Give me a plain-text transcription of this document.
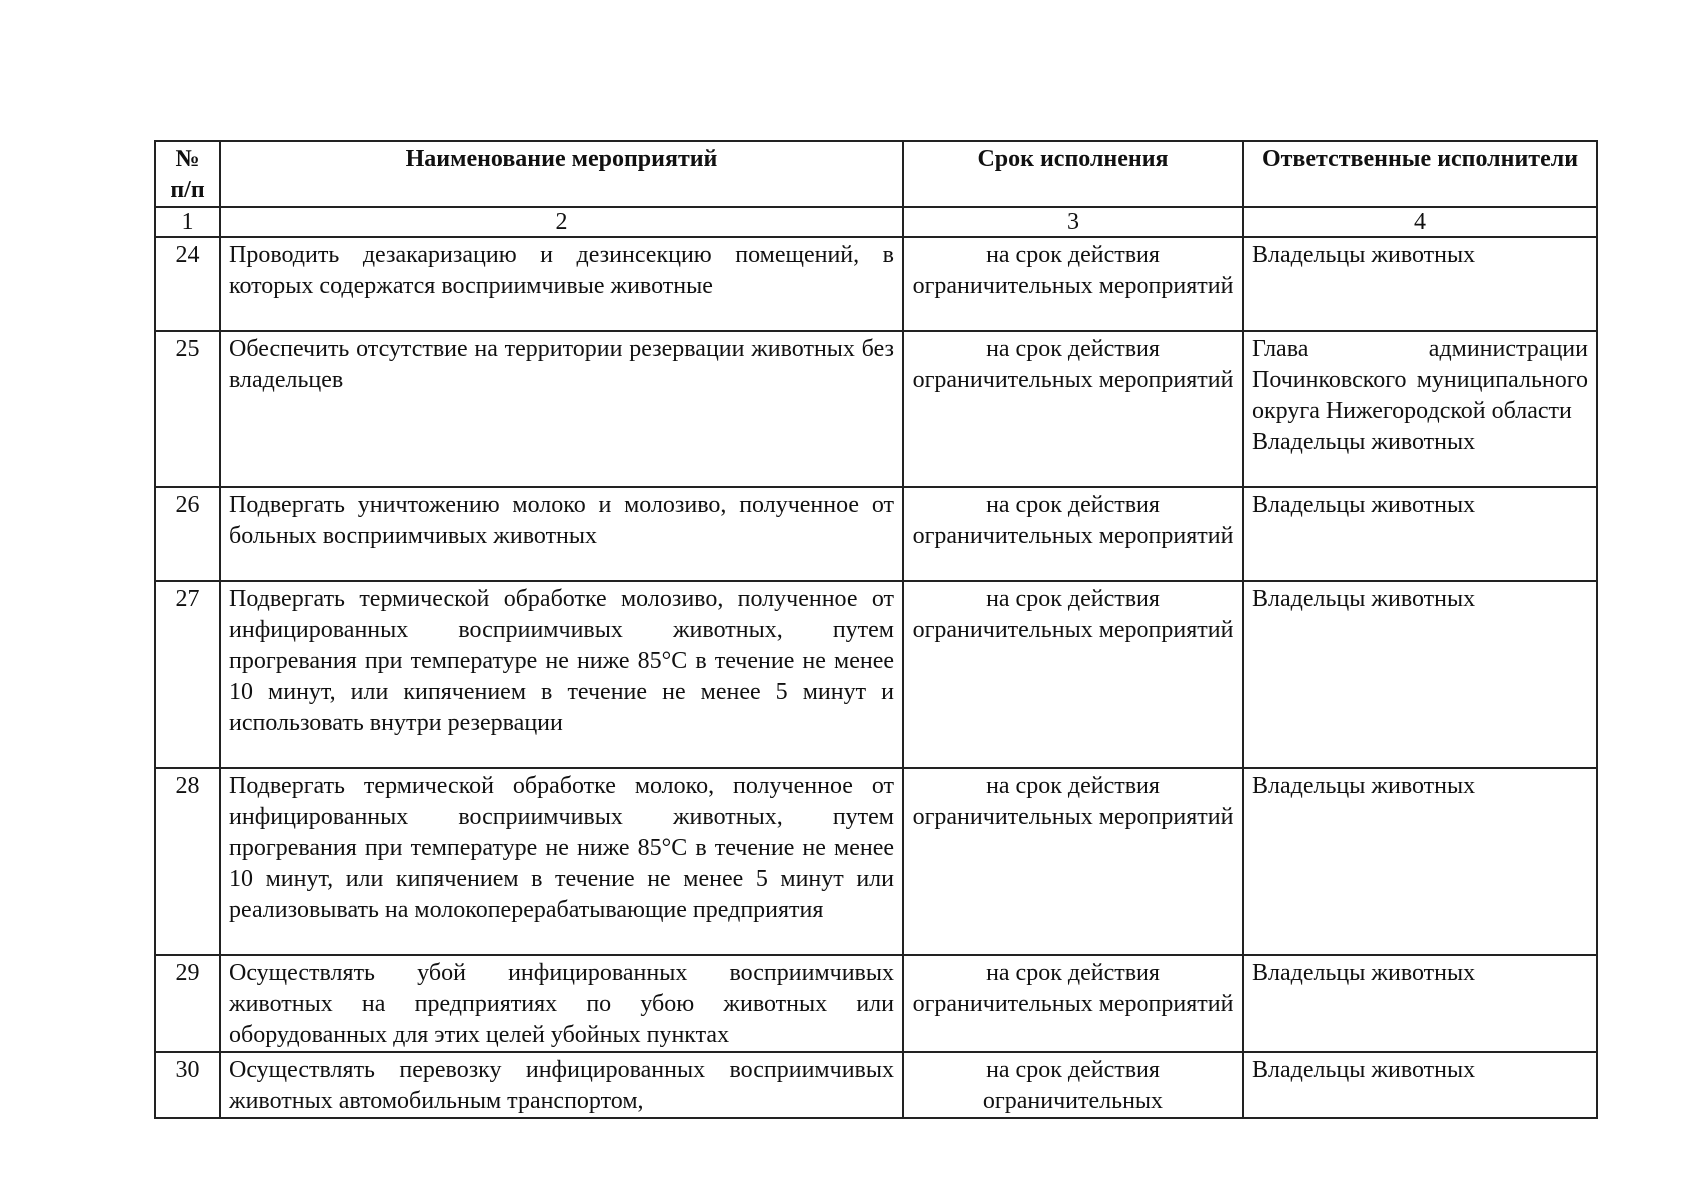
№ п/п	Наименование мероприятий	Срок исполнения	Ответственные исполнители
1	2	3	4
24	Проводить дезакаризацию и дезинсекцию помещений, в которых содержатся восприимчивые животные	на срок действия ограничительных мероприятий	Владельцы животных

25	Обеспечить отсутствие на территории резервации животных без владельцев	на срок действия ограничительных мероприятий	Глава администрации Починковского муниципального округа Нижегородской области
Владельцы животных

26	Подвергать уничтожению молоко и молозиво, полученное от больных восприимчивых животных	на срок действия ограничительных мероприятий	Владельцы животных

27	Подвергать термической обработке молозиво, полученное от инфицированных восприимчивых животных, путем прогревания при температуре не ниже 85°С в течение не менее 10 минут, или кипячением в течение не менее 5 минут и использовать внутри резервации	на срок действия ограничительных мероприятий	Владельцы животных

28	Подвергать термической обработке молоко, полученное от инфицированных восприимчивых животных, путем прогревания при температуре не ниже 85°С в течение не менее 10 минут, или кипячением в течение не менее 5 минут или реализовывать на молокоперерабатывающие предприятия	на срок действия ограничительных мероприятий	Владельцы животных

29	Осуществлять убой инфицированных восприимчивых животных на предприятиях по убою животных или оборудованных для этих целей убойных пунктах	на срок действия ограничительных мероприятий	Владельцы животных

30	Осуществлять перевозку инфицированных восприимчивых животных автомобильным транспортом,	на срок действия ограничительных	Владельцы животных
